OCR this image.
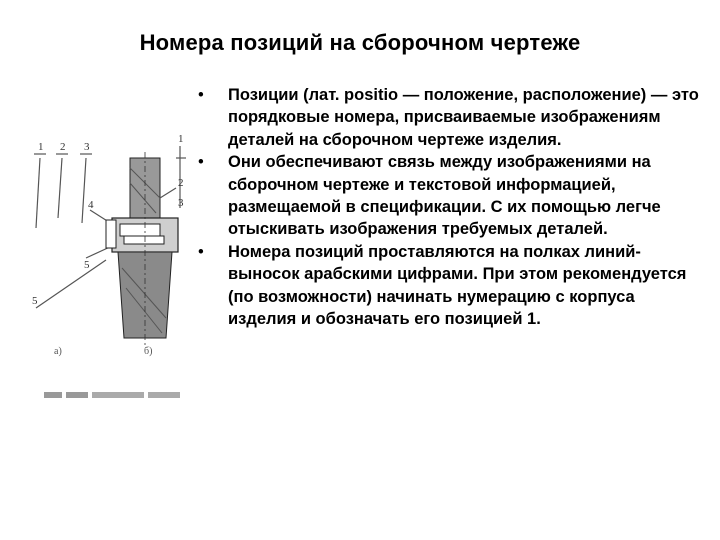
Номера позиций на сборочном чертеже
• Позиции (лат. positio — положение, расположение) — это порядковые номера, присваиваемые изображениям деталей на сборочном чертеже изделия.
• Они обеспечивают связь между изображениями на сборочном чертеже и текстовой информацией, размещаемой в спецификации. С их помощью легче отыскивать изображения требуемых деталей.
• Номера позиций проставляются на полках линий-выносок арабскими цифрами. При этом рекомендуется (по возможности) начинать нумерацию с корпуса изделия и обозначать его позицией 1.
1 2 3
4
5
5
1
2
3
а)	б)
